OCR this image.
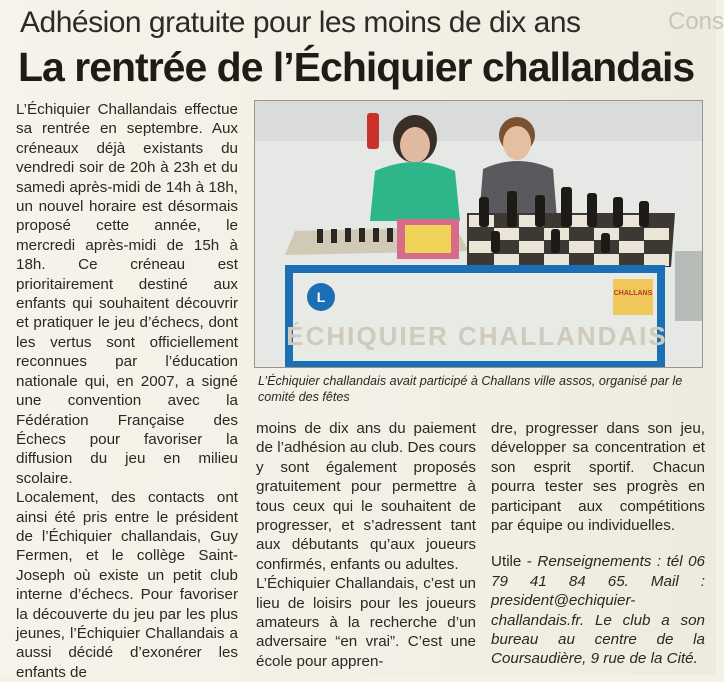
Adhésion gratuite pour les moins de dix ans
La rentrée de l’Échiquier challandais
Cons

L’Échiquier Challandais effectue sa rentrée en septembre. Aux créneaux déjà existants du vendredi soir de 20h à 23h et du samedi après-midi de 14h à 18h, un nouvel horaire est désormais proposé cette année, le mercredi après-midi de 15h à 18h. Ce créneau est prioritairement destiné aux enfants qui souhaitent découvrir et pratiquer le jeu d’échecs, dont les vertus sont officiellement reconnues par l’éducation nationale qui, en 2007, a signé une convention avec la Fédération Française des Échecs pour favoriser la diffusion du jeu en milieu scolaire.

Localement, des contacts ont ainsi été pris entre le président de l’Échiquier challandais, Guy Fermen, et le collège Saint-Joseph où existe un petit club interne d’échecs. Pour favoriser la découverte du jeu par les plus jeunes, l’Échiquier Challandais a aussi décidé d’exonérer les enfants de

L
ÉCHIQUIER CHALLANDAIS
CHALLANS
L’Échiquier challandais avait participé à Challans ville assos, organisé par le comité des fêtes

moins de dix ans du paiement de l’adhésion au club. Des cours y sont également proposés gratuitement pour permettre à tous ceux qui le souhaitent de progresser, et s’adressent tant aux débutants qu’aux joueurs confirmés, enfants ou adultes.

L’Échiquier Challandais, c’est un lieu de loisirs pour les joueurs amateurs à la recherche d’un adversaire “en vrai”. C’est une école pour appren-

dre, progresser dans son jeu, développer sa concentration et son esprit sportif. Chacun pourra tester ses progrès en participant aux compétitions par équipe ou individuelles.

Utile - Renseignements : tél 06 79 41 84 65. Mail : president@echiquier-challandais.fr. Le club a son bureau au centre de la Coursaudière, 9 rue de la Cité.
